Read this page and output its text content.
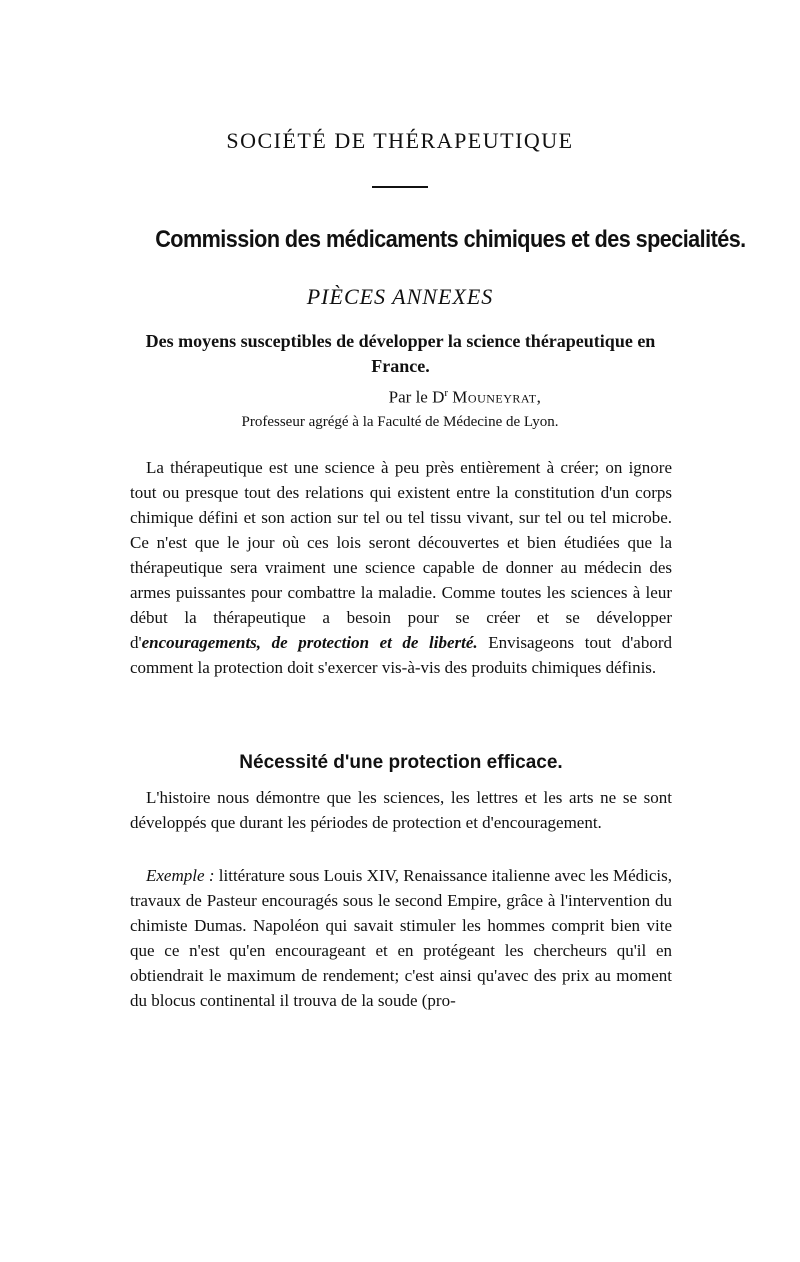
SOCIÉTÉ DE THÉRAPEUTIQUE
Commission des médicaments chimiques et des specialités.
PIÈCES ANNEXES
Des moyens susceptibles de développer la science thérapeutique en France.
Par le $D^r$ Mouneyrat,
Professeur agrégé à la Faculté de Médecine de Lyon.

La thérapeutique est une science à peu près entièrement à créer; on ignore tout ou presque tout des relations qui existent entre la constitution d'un corps chimique défini et son action sur tel ou tel tissu vivant, sur tel ou tel microbe. Ce n'est que le jour où ces lois seront découvertes et bien étudiées que la thérapeutique sera vraiment une science capable de donner au médecin des armes puissantes pour combattre la maladie. Comme toutes les sciences à leur début la thérapeutique a besoin pour se créer et se développer d'encouragements, de protection et de liberté. Envisageons tout d'abord comment la protection doit s'exercer vis-à-vis des produits chimiques définis.

Nécessité d'une protection efficace.

L'histoire nous démontre que les sciences, les lettres et les arts ne se sont développés que durant les périodes de protection et d'encouragement.

Exemple : littérature sous Louis XIV, Renaissance italienne avec les Médicis, travaux de Pasteur encouragés sous le second Empire, grâce à l'intervention du chimiste Dumas. Napoléon qui savait stimuler les hommes comprit bien vite que ce n'est qu'en encourageant et en protégeant les chercheurs qu'il en obtiendrait le maximum de rendement; c'est ainsi qu'avec des prix au moment du blocus continental il trouva de la soude (pro-
